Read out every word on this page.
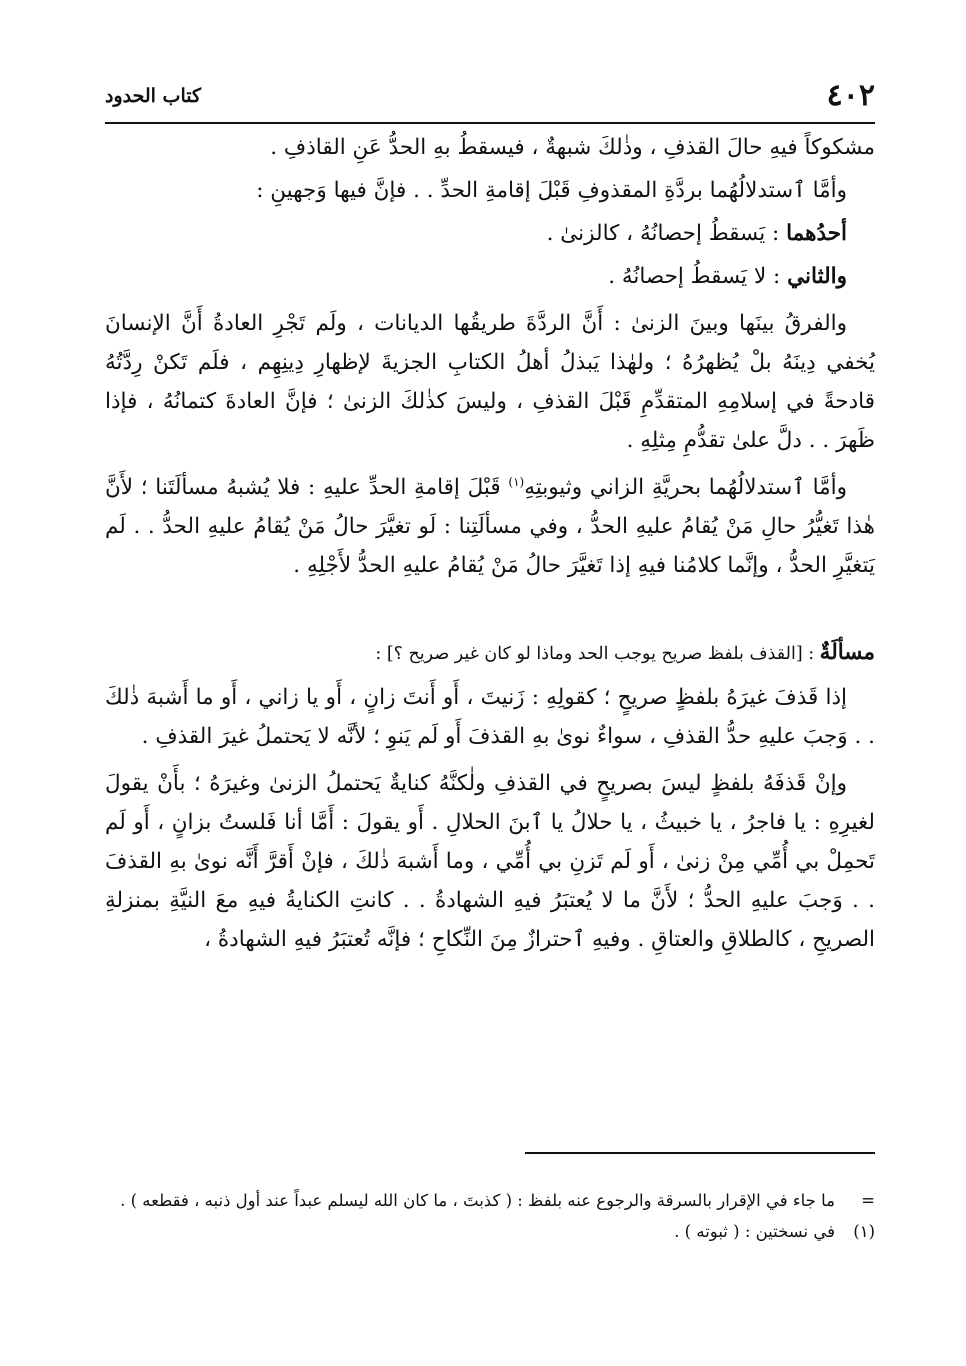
٤٠٢
كتاب الحدود

مشكوكاً فيهِ حالَ القذفِ ، وذٰلكَ شبهةٌ ، فيسقطُ بهِ الحدُّ عَنِ القاذفِ .

وأمَّا ٱستدلالُهُما بردَّةِ المقذوفِ قَبْلَ إقامةِ الحدِّ . . فإنَّ فيها وَجهينِ :

أحدُهما : يَسقطُ إحصانُهُ ، كالزنىٰ .

والثاني : لا يَسقطُ إحصانُهُ .

والفرقُ بينَها وبينَ الزنىٰ : أَنَّ الردَّةَ طريقُها الديانات ، ولَم تَجْرِ العادةُ أَنَّ الإنسانَ يُخفي دِينَهُ بلْ يُظهرُهُ ؛ ولهٰذا يَبذلُ أهلُ الكتابِ الجزيةَ لإظهارِ دِينِهِم ، فلَم تَكنْ رِدَّتُهُ قادحةً في إسلامِهِ المتقدِّمِ قَبْلَ القذفِ ، وليسَ كذٰلكَ الزنىٰ ؛ فإنَّ العادةَ كتمانُهُ ، فإذا ظَهرَ . . دلَّ علىٰ تقدُّمِ مِثلِهِ .

وأمَّا ٱستدلالُهُما بحريَّةِ الزاني وثيوبتِهِ$^{(١)}$ قَبْلَ إقامةِ الحدِّ عليهِ : فلا يُشبهُ مسألَتَنا ؛ لأَنَّ هٰذا تَغيُّرُ حالِ مَنْ يُقامُ عليهِ الحدُّ ، وفي مسألَتِنا : لَو تغيَّرَ حالُ مَنْ يُقامُ عليهِ الحدُّ . . لَم يَتغيَّرِ الحدُّ ، وإنَّما كلامُنا فيهِ إذا تَغيَّرَ حالُ مَنْ يُقامُ عليهِ الحدُّ لأَجْلِهِ .

مسألَةٌ : [القذف بلفظ صريح يوجب الحد وماذا لو كان غير صريح ؟] :

إذا قَذفَ غيرَهُ بلفظٍ صريحٍ ؛ كقولِهِ : زَنيتَ ، أَو أَنتَ زانٍ ، أَو يا زاني ، أَو ما أَشبهَ ذٰلكَ . . وَجبَ عليهِ حدُّ القذفِ ، سواءٌ نوىٰ بهِ القذفَ أَو لَم يَنوِ ؛ لأنَّه لا يَحتملُ غيرَ القذفِ .

وإنْ قَذفَهُ بلفظٍ ليسَ بصريحٍ في القذفِ ولٰكنَّهُ كنايةٌ يَحتملُ الزنىٰ وغيرَهُ ؛ بأَنْ يقولَ لغيرِهِ : يا فاجرُ ، يا خبيثُ ، يا حلالُ يا ٱبنَ الحلالِ . أَو يقولَ : أَمَّا أنا فَلستُ بزانٍ ، أَو لَم تَحمِلْ بي أُمِّي مِنْ زنىٰ ، أَو لَم تَزنِ بي أُمِّي ، وما أَشبهَ ذٰلكَ ، فإنْ أَقرَّ أَنَّه نوىٰ بهِ القذفَ . . وَجبَ عليهِ الحدُّ ؛ لأَنَّ ما لا يُعتبَرُ فيهِ الشهادةُ . . كانتِ الكنايةُ فيهِ معَ النيَّةِ بمنزلةِ الصريحِ ، كالطلاقِ والعتاقِ . وفيهِ ٱحترازٌ مِنَ النِّكاحِ ؛ فإنَّه تُعتبَرُ فيهِ الشهادةُ ،

=
ما جاء في الإقرار بالسرقة والرجوع عنه بلفظ : ( كذبتَ ، ما كان الله ليسلم عبداً عند أول ذنبه ، فقطعه ) .
(١)
في نسختين : ( ثبوته ) .
